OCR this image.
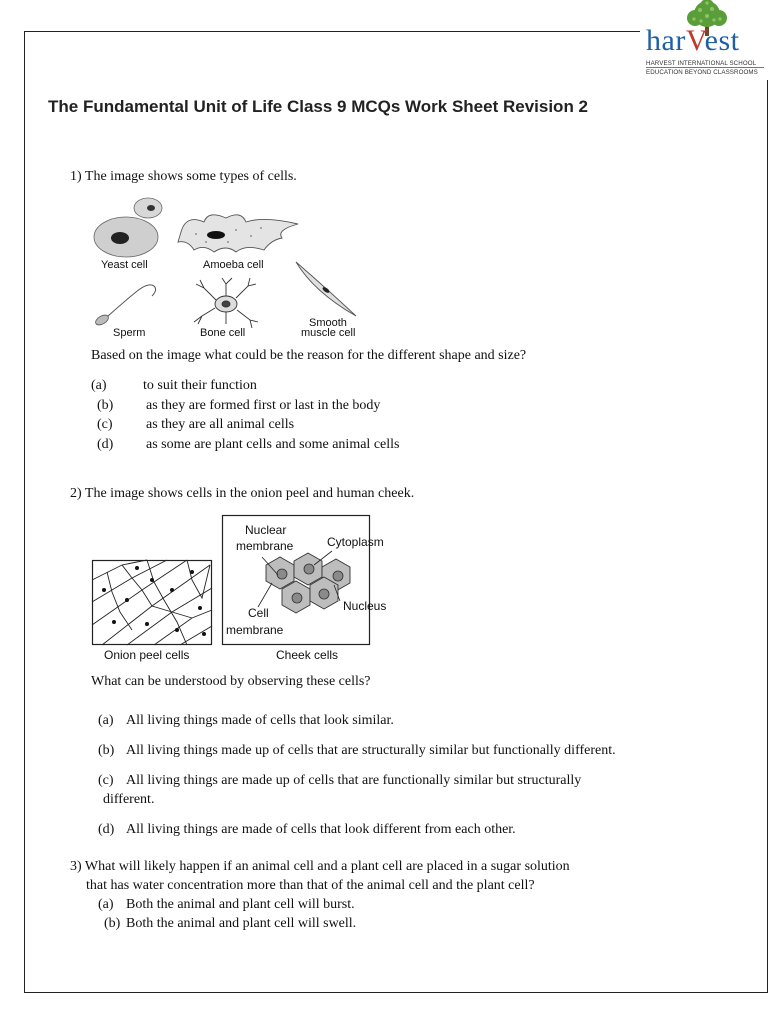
harVest
HARVEST INTERNATIONAL SCHOOL
EDUCATION BEYOND CLASSROOMS
The Fundamental Unit of Life Class 9 MCQs Work Sheet Revision 2
1) The image shows some types of cells.
Yeast cell	Amoeba cell
Sperm	Bone cell
Smooth
muscle cell
Based on the image what could be the reason for the different shape and size?
(a)	to suit their function
(b) as they are formed first or last in the body
(c) as they are all animal cells
(d) as some are plant cells and some animal cells
2) The image shows cells in the onion peel and human cheek.
Onion peel cells
Nuclear
membrane	Cytoplasm
Nucleus
Cell
membrane
Cheek cells
What can be understood by observing these cells?
(a) All living things made of cells that look similar.
(b) All living things made up of cells that are structurally similar but functionally different.
(c) All living things are made up of cells that are functionally similar but structurally
different.
(d) All living things are made of cells that look different from each other.
3) What will likely happen if an animal cell and a plant cell are placed in a sugar solution
that has water concentration more than that of the animal cell and the plant cell?
(a) Both the animal and plant cell will burst.
(b) Both the animal and plant cell will swell.
